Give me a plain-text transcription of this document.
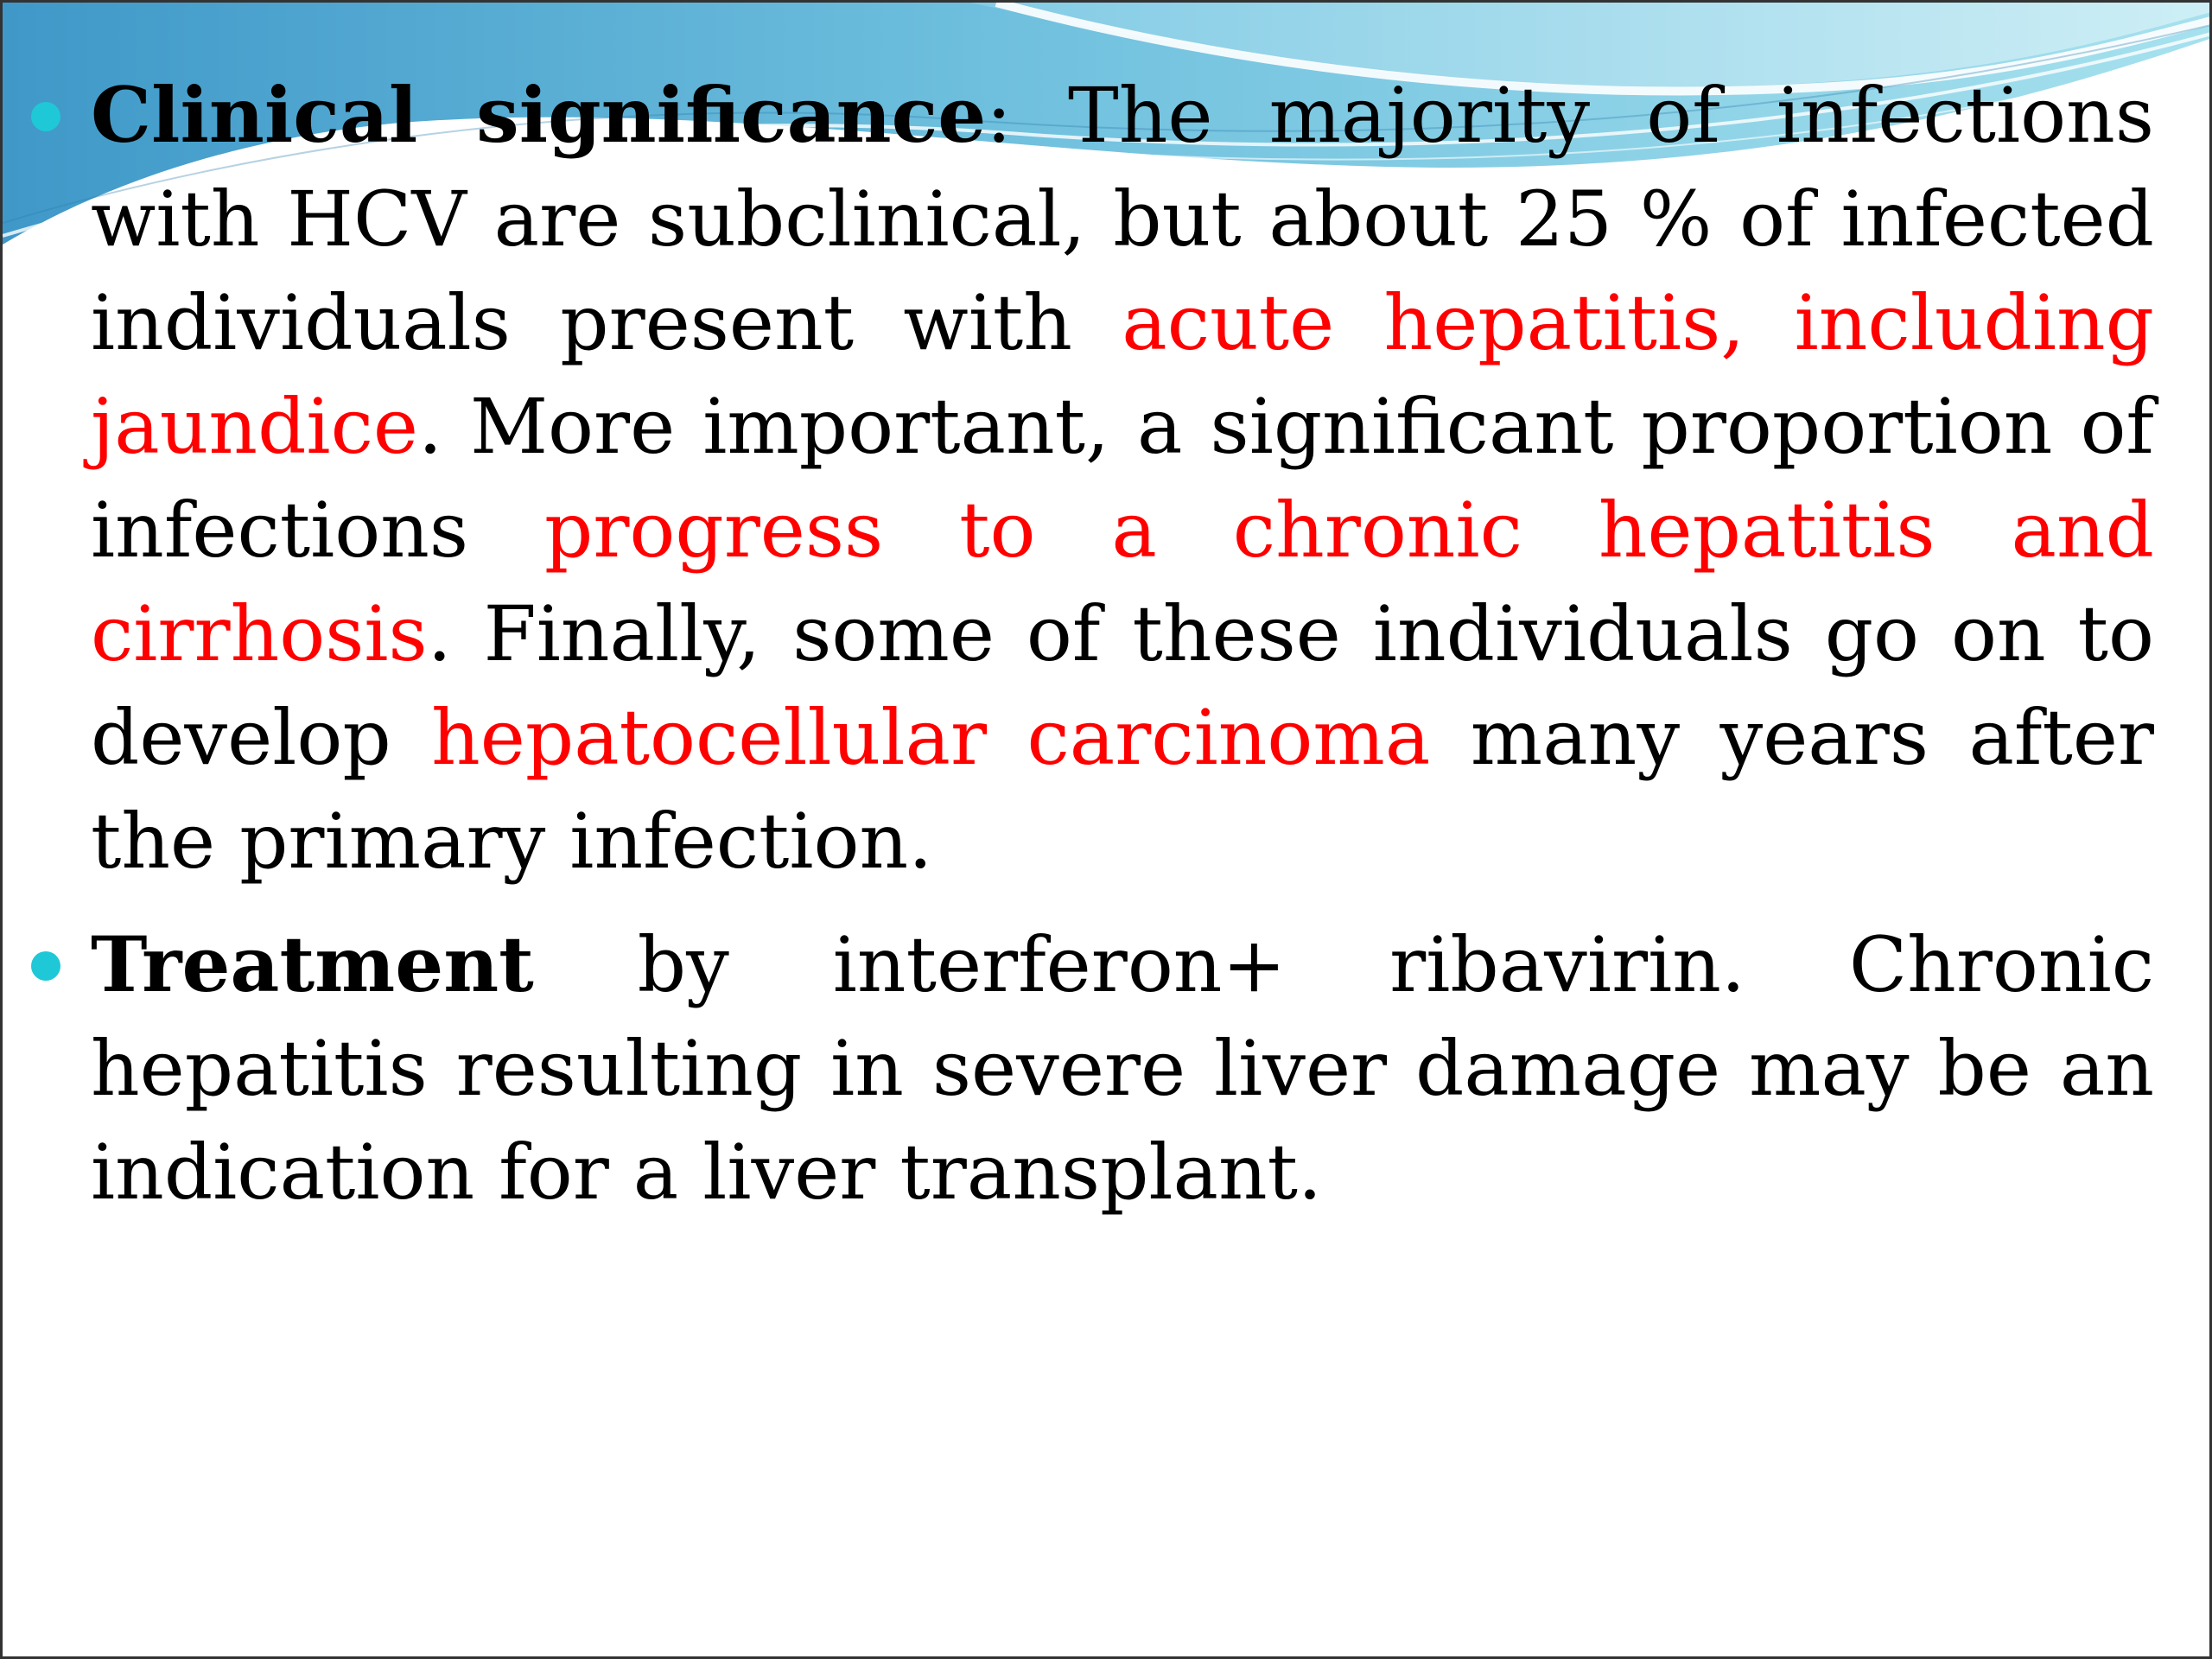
Clinical significance: The majority of infections with HCV are subclinical, but about 25 % of infected individuals present with acute hepatitis, including jaundice. More important, a significant proportion of infections progress to a chronic hepatitis and cirrhosis. Finally, some of these individuals go on to develop hepatocellular carcinoma many years after the primary infection.
Treatment by interferon+ ribavirin. Chronic hepatitis resulting in severe liver damage may be an indication for a liver transplant.
